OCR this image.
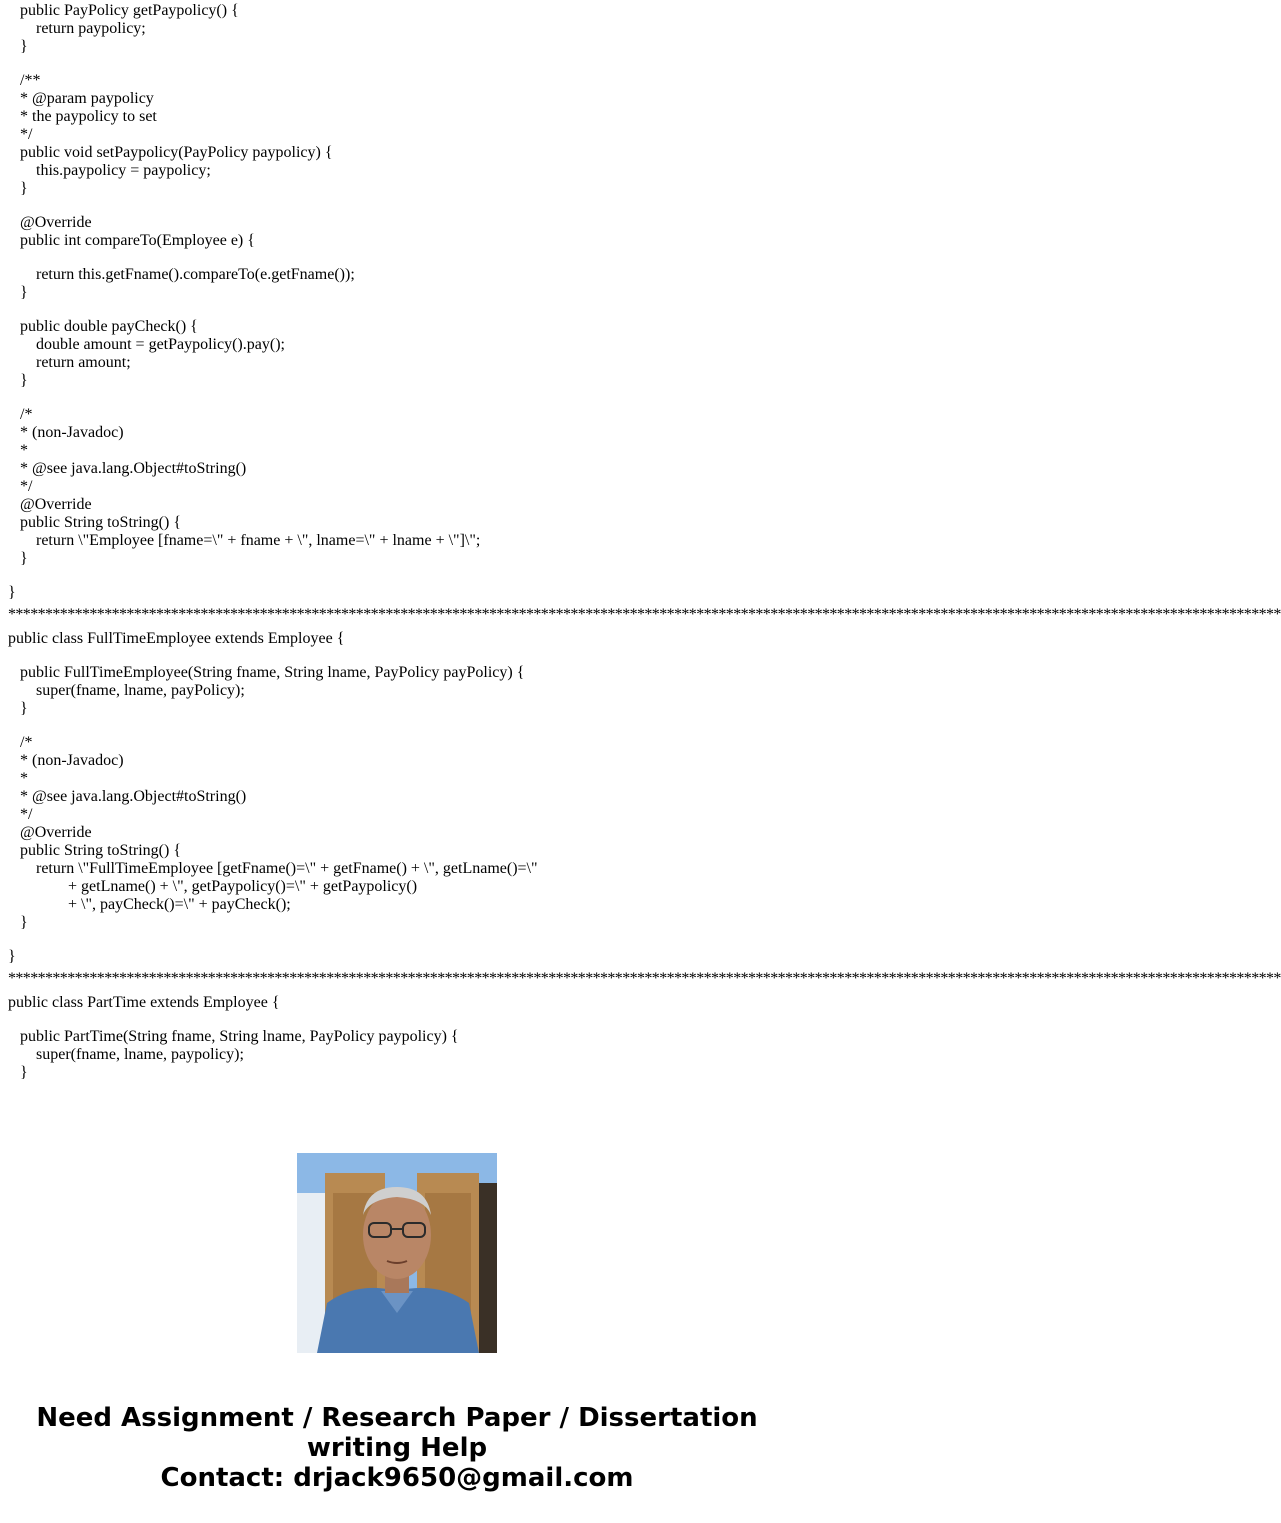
public PayPolicy getPaypolicy() {
return paypolicy;
}
/**
* @param paypolicy
* the paypolicy to set
*/
public void setPaypolicy(PayPolicy paypolicy) {
this.paypolicy = paypolicy;
}
@Override
public int compareTo(Employee e) {
return this.getFname().compareTo(e.getFname());
}
public double payCheck() {
double amount = getPaypolicy().pay();
return amount;
}
/*
* (non-Javadoc)
*
* @see java.lang.Object#toString()
*/
@Override
public String toString() {
return \"Employee [fname=\" + fname + \", lname=\" + lname + \"]\";
}
}
****************************************************************************************************************************************************************************
public class FullTimeEmployee extends Employee {
public FullTimeEmployee(String fname, String lname, PayPolicy payPolicy) {
super(fname, lname, payPolicy);
}
/*
* (non-Javadoc)
*
* @see java.lang.Object#toString()
*/
@Override
public String toString() {
return \"FullTimeEmployee [getFname()=\" + getFname() + \", getLname()=\"
+ getLname() + \", getPaypolicy()=\" + getPaypolicy()
+ \", payCheck()=\" + payCheck();
}
}
****************************************************************************************************************************************************************************
public class PartTime extends Employee {
public PartTime(String fname, String lname, PayPolicy paypolicy) {
super(fname, lname, paypolicy);
}
Need Assignment / Research Paper / Dissertation
writing Help
Contact: drjack9650@gmail.com
